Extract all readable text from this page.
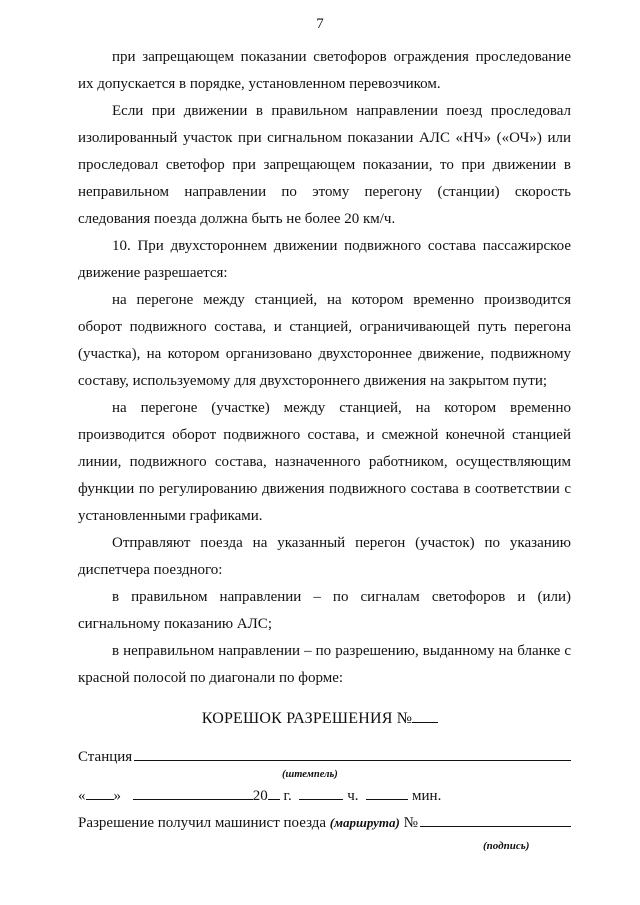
7

при запрещающем показании светофоров ограждения проследование их допускается в порядке, установленном перевозчиком.

Если при движении в правильном направлении поезд проследовал изолированный участок при сигнальном показании АЛС «НЧ» («ОЧ») или проследовал светофор при запрещающем показании, то при движении в неправильном направлении по этому перегону (станции) скорость следования поезда должна быть не более 20 км/ч.

10. При двухстороннем движении подвижного состава пассажирское движение разрешается:

на перегоне между станцией, на котором временно производится оборот подвижного состава, и станцией, ограничивающей путь перегона (участка), на котором организовано двухстороннее движение, подвижному составу, используемому для двухстороннего движения на закрытом пути;

на перегоне (участке) между станцией, на котором временно производится оборот подвижного состава, и смежной конечной станцией линии, подвижного состава, назначенного работником, осуществляющим функции по регулированию движения подвижного состава в соответствии с установленными графиками.

Отправляют поезда на указанный перегон (участок) по указанию диспетчера поездного:

в правильном направлении – по сигналам светофоров и (или) сигнальному показанию АЛС;

в неправильном направлении – по разрешению, выданному на бланке с красной полосой по диагонали по форме:

КОРЕШОК РАЗРЕШЕНИЯ №
Станция
(штемпель)
« »	20 г.	ч.	мин.
Разрешение получил машинист поезда
(маршрута)
№
(подпись)
